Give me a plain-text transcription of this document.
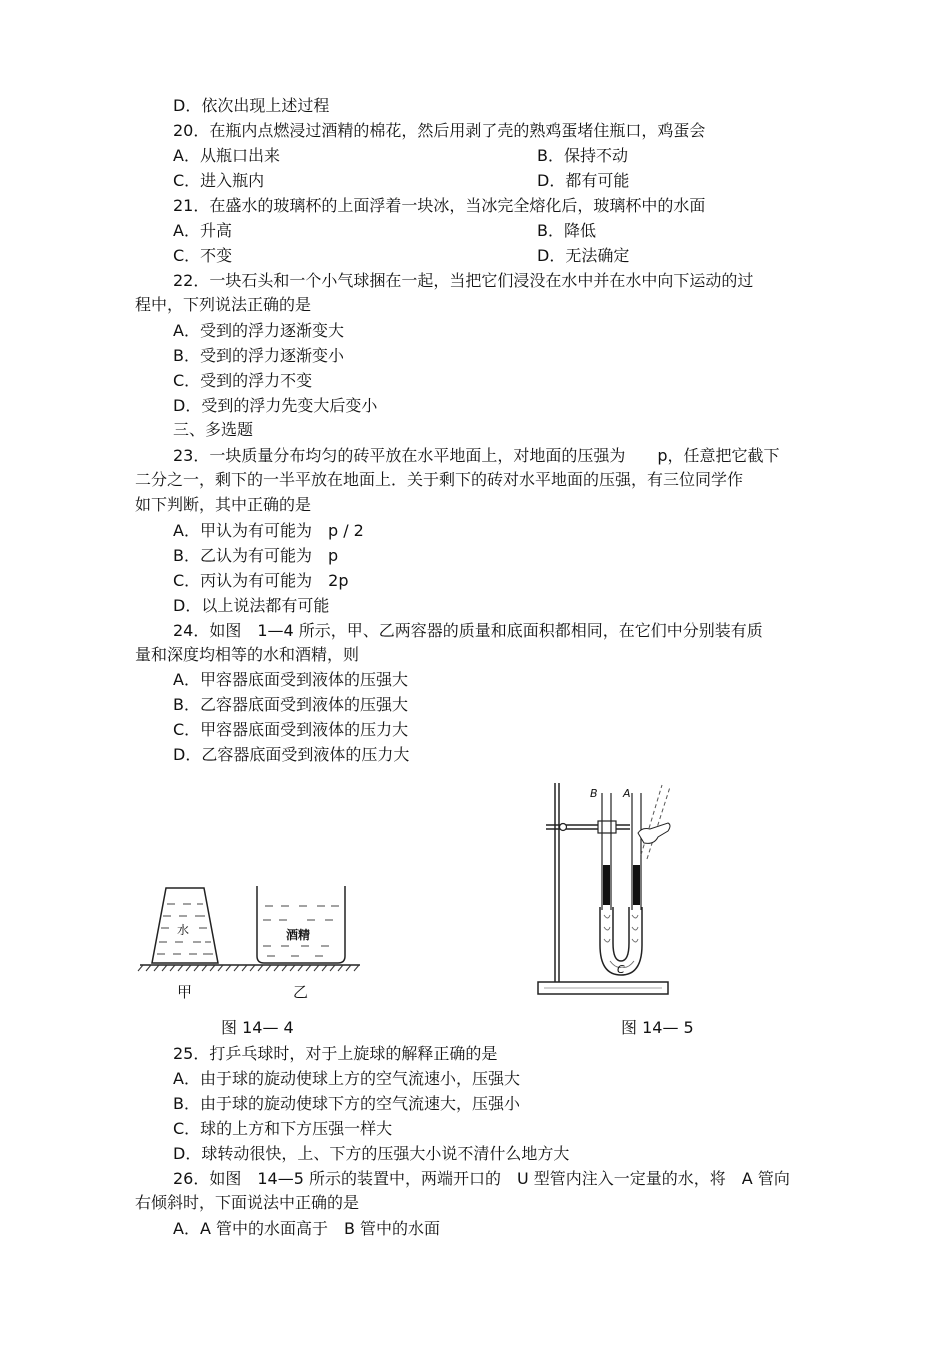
D．依次出现上述过程
20．在瓶内点燃浸过酒精的棉花，然后用剥了壳的熟鸡蛋堵住瓶口，鸡蛋会
A．从瓶口出来	B．保持不动
C．进入瓶内	D．都有可能
21．在盛水的玻璃杯的上面浮着一块冰，当冰完全熔化后，玻璃杯中的水面
A．升高	B．降低
C．不变	D．无法确定
22．一块石头和一个小气球捆在一起，当把它们浸没在水中并在水中向下运动的过
程中，下列说法正确的是
A．受到的浮力逐渐变大
B．受到的浮力逐渐变小
C．受到的浮力不变
D．受到的浮力先变大后变小
三、多选题
23．一块质量分布均匀的砖平放在水平地面上，对地面的压强为　　p，任意把它截下
二分之一，剩下的一半平放在地面上．关于剩下的砖对水平地面的压强，有三位同学作
如下判断，其中正确的是
A．甲认为有可能为　p / 2
B．乙认为有可能为　p
C．丙认为有可能为　2p
D．以上说法都有可能
24．如图　1—4 所示，甲、乙两容器的质量和底面积都相同，在它们中分别装有质
量和深度均相等的水和酒精，则
A．甲容器底面受到液体的压强大
B．乙容器底面受到液体的压强大
C．甲容器底面受到液体的压力大
D．乙容器底面受到液体的压力大
25．打乒乓球时，对于上旋球的解释正确的是
A．由于球的旋动使球上方的空气流速小，压强大
B．由于球的旋动使球下方的空气流速大，压强小
C．球的上方和下方压强一样大
D．球转动很快，上、下方的压强大小说不清什么地方大
26．如图　14—5 所示的装置中，两端开口的　U 型管内注入一定量的水，将　A 管向
右倾斜时，下面说法中正确的是
A．A 管中的水面高于　B 管中的水面
水	酒精
甲	乙
图 14— 4
B A
C
图 14— 5
